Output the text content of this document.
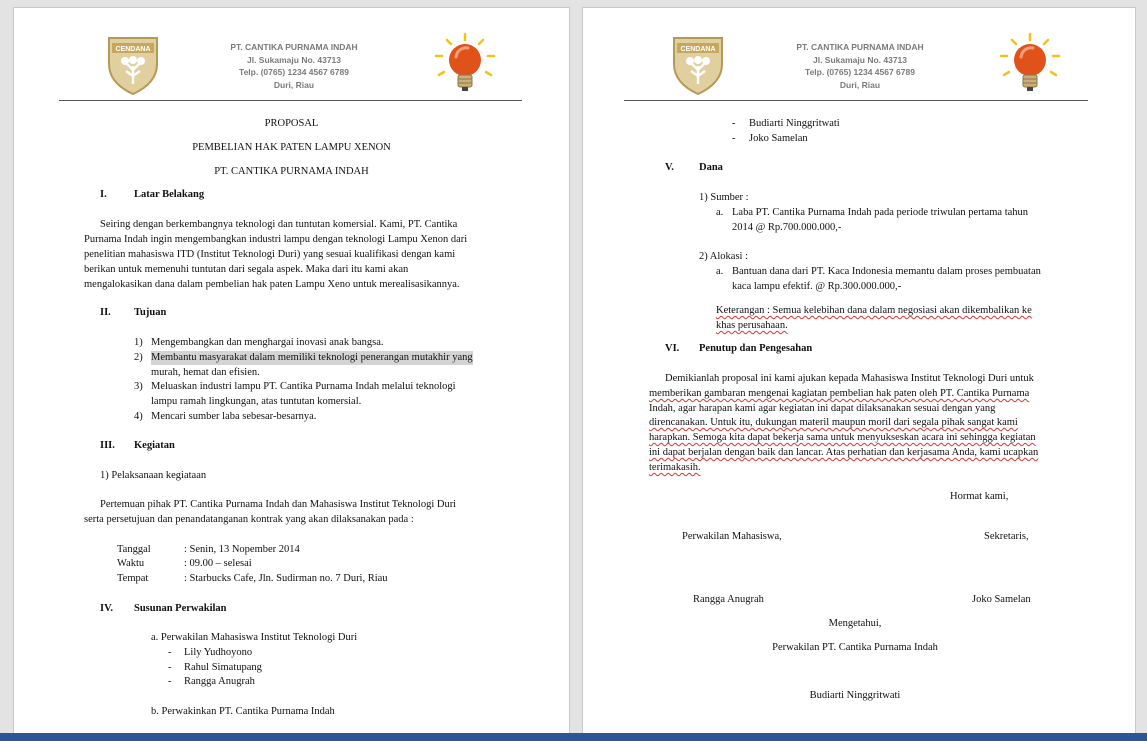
CENDANA	PT. CANTIKA PURNAMA INDAH
Jl. Sukamaju No. 43713
Telp. (0765) 1234 4567 6789
Duri, Riau
PROPOSAL
PEMBELIAN HAK PATEN LAMPU XENON
PT. CANTIKA PURNAMA INDAH
I.	Latar Belakang
Seiring dengan berkembangnya teknologi dan tuntutan komersial. Kami, PT. Cantika
Purnama Indah ingin mengembangkan industri lampu dengan teknologi Lampu Xenon dari
penelitian mahasiswa ITD (Institut Teknologi Duri) yang sesuai kualifikasi dengan kami
berikan untuk memenuhi tuntutan dari segala aspek. Maka dari itu kami akan
mengalokasikan dana dalam pembelian hak paten Lampu Xeno untuk merealisasikannya.
II. Tujuan
1) Mengembangkan dan menghargai inovasi anak bangsa.
2) Membantu masyarakat dalam memiliki teknologi penerangan mutakhir yang
murah, hemat dan efisien.
3) Meluaskan industri lampu PT. Cantika Purnama Indah melalui teknologi
lampu ramah lingkungan, atas tuntutan komersial.
4) Mencari sumber laba sebesar-besarnya.
III. Kegiatan
1) Pelaksanaan kegiataan
Pertemuan pihak PT. Cantika Purnama Indah dan Mahasiswa Institut Teknologi Duri
serta persetujuan dan penandatanganan kontrak yang akan dilaksanakan pada :
Tanggal	: Senin, 13 Nopember 2014
Waktu	: 09.00 – selesai
Tempat	: Starbucks Cafe, Jln. Sudirman no. 7 Duri, Riau
IV. Susunan Perwakilan
a. Perwakilan Mahasiswa Institut Teknologi Duri
- Lily Yudhoyono
- Rahul Simatupang
- Rangga Anugrah
b. Perwakinkan PT. Cantika Purnama Indah
CENDANA	PT. CANTIKA PURNAMA INDAH
Jl. Sukamaju No. 43713
Telp. (0765) 1234 4567 6789
Duri, Riau
- Budiarti Ninggritwati
- Joko Samelan
V. Dana
1) Sumber :
a. Laba PT. Cantika Purnama Indah pada periode triwulan pertama tahun
2014 @ Rp.700.000.000,-
2) Alokasi :
a. Bantuan dana dari PT. Kaca Indonesia memantu dalam proses pembuatan
kaca lampu efektif. @ Rp.300.000.000,-
Keterangan : Semua kelebihan dana dalam negosiasi akan dikembalikan ke
khas perusahaan.
VI. Penutup dan Pengesahan
Demikianlah proposal ini kami ajukan kepada Mahasiswa Institut Teknologi Duri untuk
memberikan gambaran mengenai kagiatan pembelian hak paten oleh PT. Cantika Purnama
Indah, agar harapan kami agar kegiatan ini dapat dilaksanakan sesuai dengan yang
direncanakan. Untuk itu, dukungan materil maupun moril dari segala pihak sangat kami
harapkan. Semoga kita dapat bekerja sama untuk menyukseskan acara ini sehingga kegiatan
ini dapat berjalan dengan baik dan lancar. Atas perhatian dan kerjasama Anda, kami ucapkan
terimakasih.
Hormat kami,
Perwakilan Mahasiswa,	Sekretaris,
Rangga Anugrah	Joko Samelan
Mengetahui,
Perwakilan PT. Cantika Purnama Indah
Budiarti Ninggritwati
